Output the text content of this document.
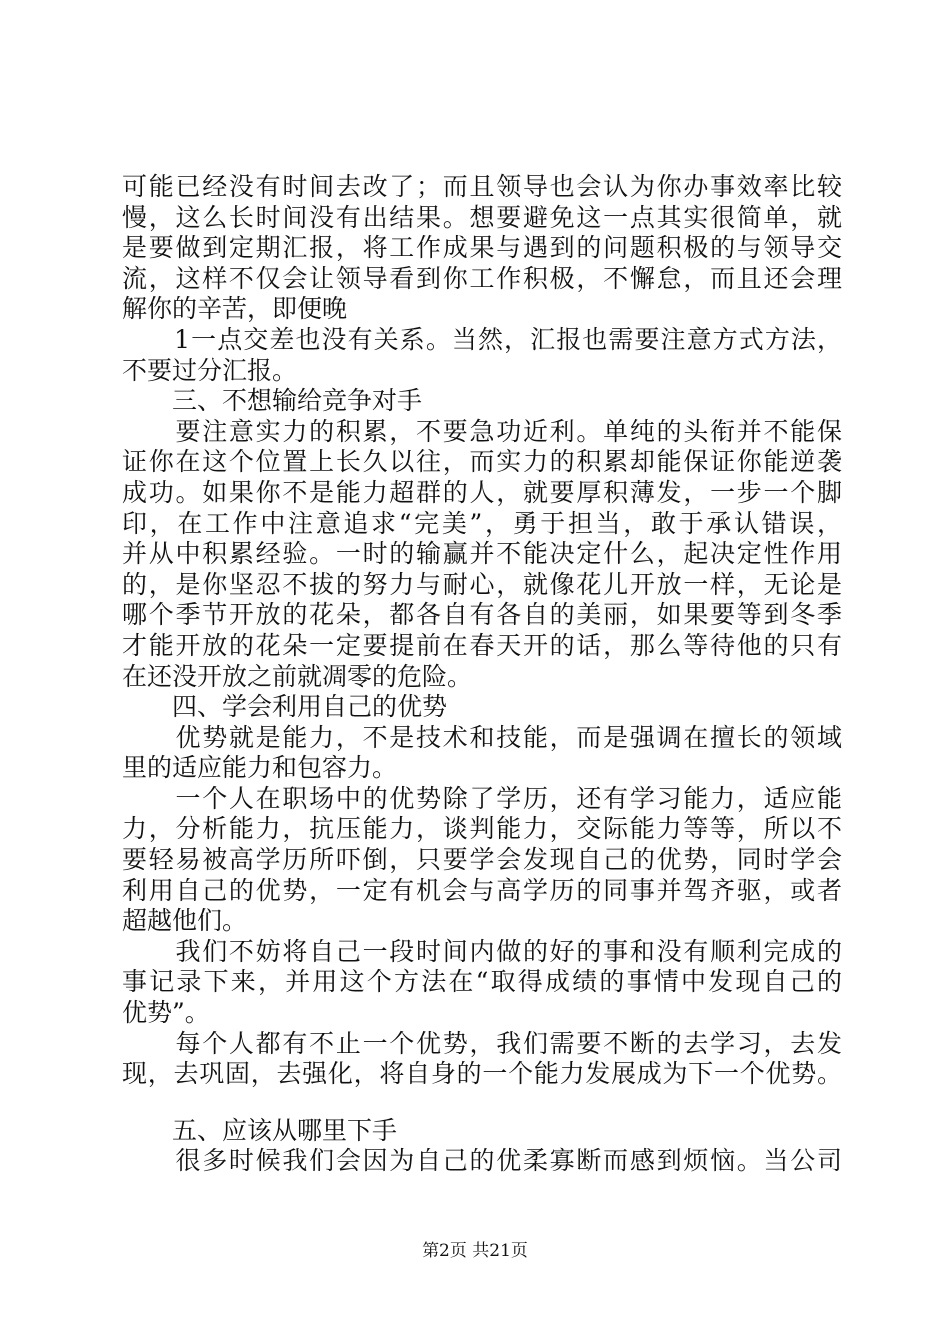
可能已经没有时间去改了；而且领导也会认为你办事效率比较
慢，这么长时间没有出结果。想要避免这一点其实很简单，就
是要做到定期汇报，将工作成果与遇到的问题积极的与领导交
流，这样不仅会让领导看到你工作积极，不懈怠，而且还会理
解你的辛苦，即便晚
　　1一点交差也没有关系。当然，汇报也需要注意方式方法，
不要过分汇报。
　　三、不想输给竞争对手
　　要注意实力的积累，不要急功近利。单纯的头衔并不能保
证你在这个位置上长久以往，而实力的积累却能保证你能逆袭
成功。如果你不是能力超群的人，就要厚积薄发，一步一个脚
印，在工作中注意追求“完美”，勇于担当，敢于承认错误，
并从中积累经验。一时的输赢并不能决定什么，起决定性作用
的，是你坚忍不拔的努力与耐心，就像花儿开放一样，无论是
哪个季节开放的花朵，都各自有各自的美丽，如果要等到冬季
才能开放的花朵一定要提前在春天开的话，那么等待他的只有
在还没开放之前就凋零的危险。
　　四、学会利用自己的优势
　　优势就是能力，不是技术和技能，而是强调在擅长的领域
里的适应能力和包容力。
　　一个人在职场中的优势除了学历，还有学习能力，适应能
力，分析能力，抗压能力，谈判能力，交际能力等等，所以不
要轻易被高学历所吓倒，只要学会发现自己的优势，同时学会
利用自己的优势，一定有机会与高学历的同事并驾齐驱，或者
超越他们。
　　我们不妨将自己一段时间内做的好的事和没有顺利完成的
事记录下来，并用这个方法在“取得成绩的事情中发现自己的
优势”。
　　每个人都有不止一个优势，我们需要不断的去学习，去发
现，去巩固，去强化，将自身的一个能力发展成为下一个优势。
　　五、应该从哪里下手
　　很多时候我们会因为自己的优柔寡断而感到烦恼。当公司
第2页 共21页
